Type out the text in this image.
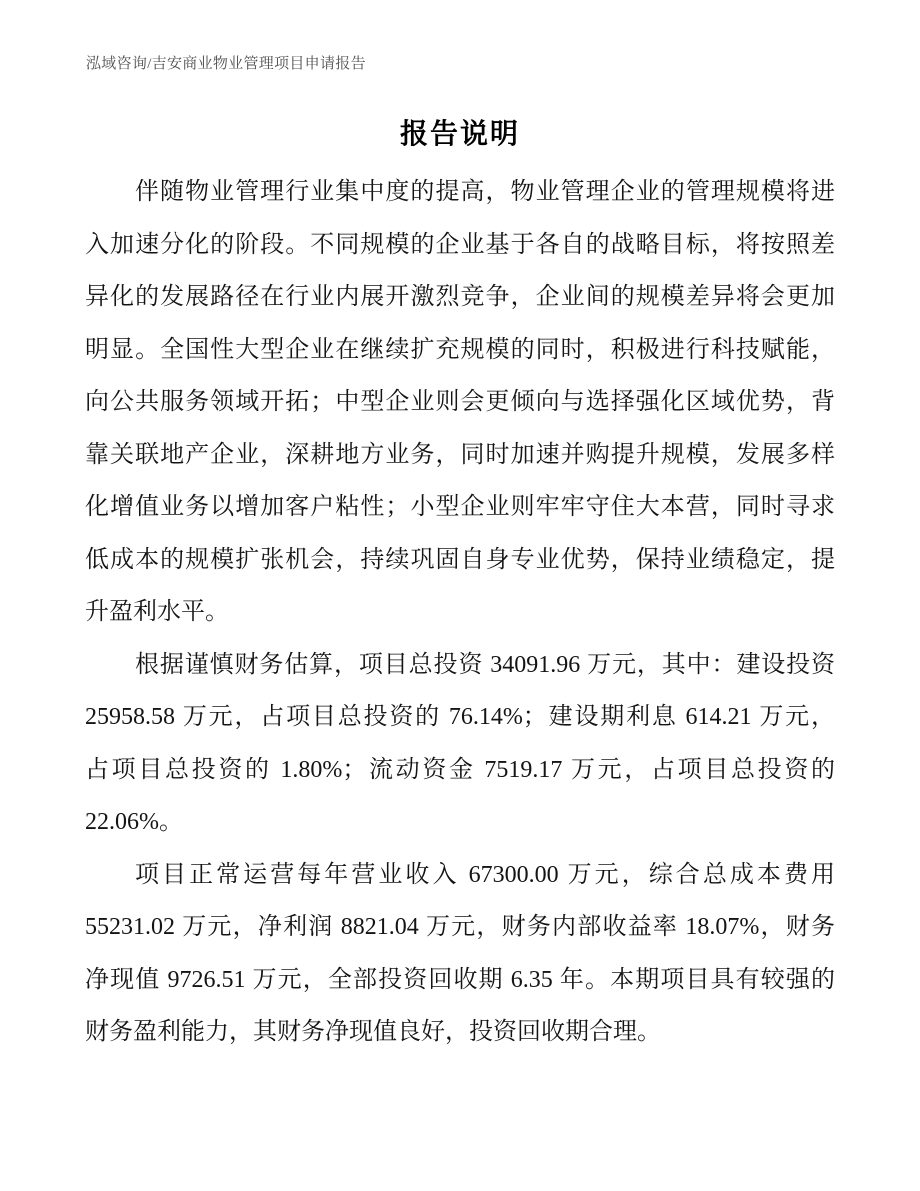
泓域咨询/吉安商业物业管理项目申请报告
报告说明
伴随物业管理行业集中度的提高，物业管理企业的管理规模将进
入加速分化的阶段。不同规模的企业基于各自的战略目标，将按照差
异化的发展路径在行业内展开激烈竞争，企业间的规模差异将会更加
明显。全国性大型企业在继续扩充规模的同时，积极进行科技赋能，
向公共服务领域开拓；中型企业则会更倾向与选择强化区域优势，背
靠关联地产企业，深耕地方业务，同时加速并购提升规模，发展多样
化增值业务以增加客户粘性；小型企业则牢牢守住大本营，同时寻求
低成本的规模扩张机会，持续巩固自身专业优势，保持业绩稳定，提
升盈利水平。
根据谨慎财务估算，项目总投资 34091.96 万元，其中：建设投资
25958.58 万元，占项目总投资的 76.14%；建设期利息 614.21 万元，
占项目总投资的 1.80%；流动资金 7519.17 万元，占项目总投资的
22.06%。
项目正常运营每年营业收入 67300.00 万元，综合总成本费用
55231.02 万元，净利润 8821.04 万元，财务内部收益率 18.07%，财务
净现值 9726.51 万元，全部投资回收期 6.35 年。本期项目具有较强的
财务盈利能力，其财务净现值良好，投资回收期合理。
